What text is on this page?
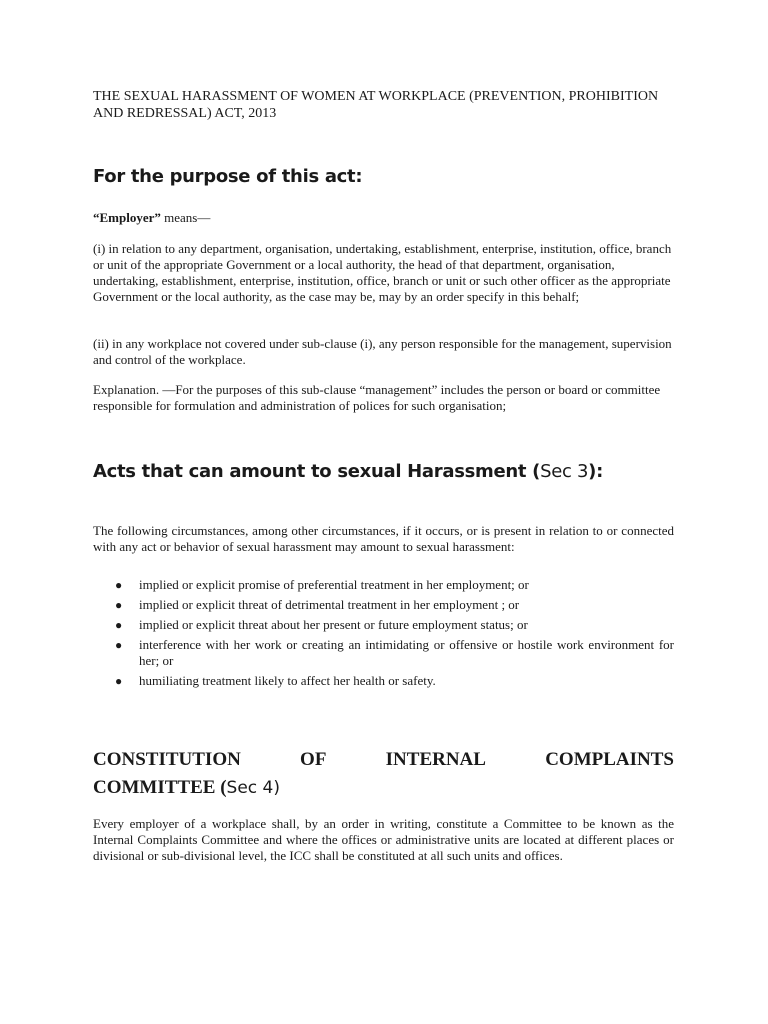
THE SEXUAL HARASSMENT OF WOMEN AT WORKPLACE (PREVENTION, PROHIBITION AND REDRESSAL) ACT, 2013
For the purpose of this act:

“Employer” means—

(i) in relation to any department, organisation, undertaking, establishment, enterprise, institution, office, branch or unit of the appropriate Government or a local authority, the head of that department, organisation, undertaking, establishment, enterprise, institution, office, branch or unit or such other officer as the appropriate Government or the local authority, as the case may be, may by an order specify in this behalf;

(ii) in any workplace not covered under sub-clause (i), any person responsible for the management, supervision and control of the workplace.

Explanation. —For the purposes of this sub-clause “management” includes the person or board or committee responsible for formulation and administration of polices for such organisation;

Acts that can amount to sexual Harassment (Sec 3):

The following circumstances, among other circumstances, if it occurs, or is present in relation to or connected with any act or behavior of sexual harassment may amount to sexual harassment:

● implied or explicit promise of preferential treatment in her employment; or
● implied or explicit threat of detrimental treatment in her employment ; or
● implied or explicit threat about her present or future employment status; or
● interference with her work or creating an intimidating or offensive or hostile work environment for her; or
● humiliating treatment likely to affect her health or safety.
CONSTITUTION	OF	INTERNAL	COMPLAINTS
COMMITTEE (Sec 4)

Every employer of a workplace shall, by an order in writing, constitute a Committee to be known as the Internal Complaints Committee and where the offices or administrative units are located at different places or divisional or sub-divisional level, the ICC shall be constituted at all such units and offices.
